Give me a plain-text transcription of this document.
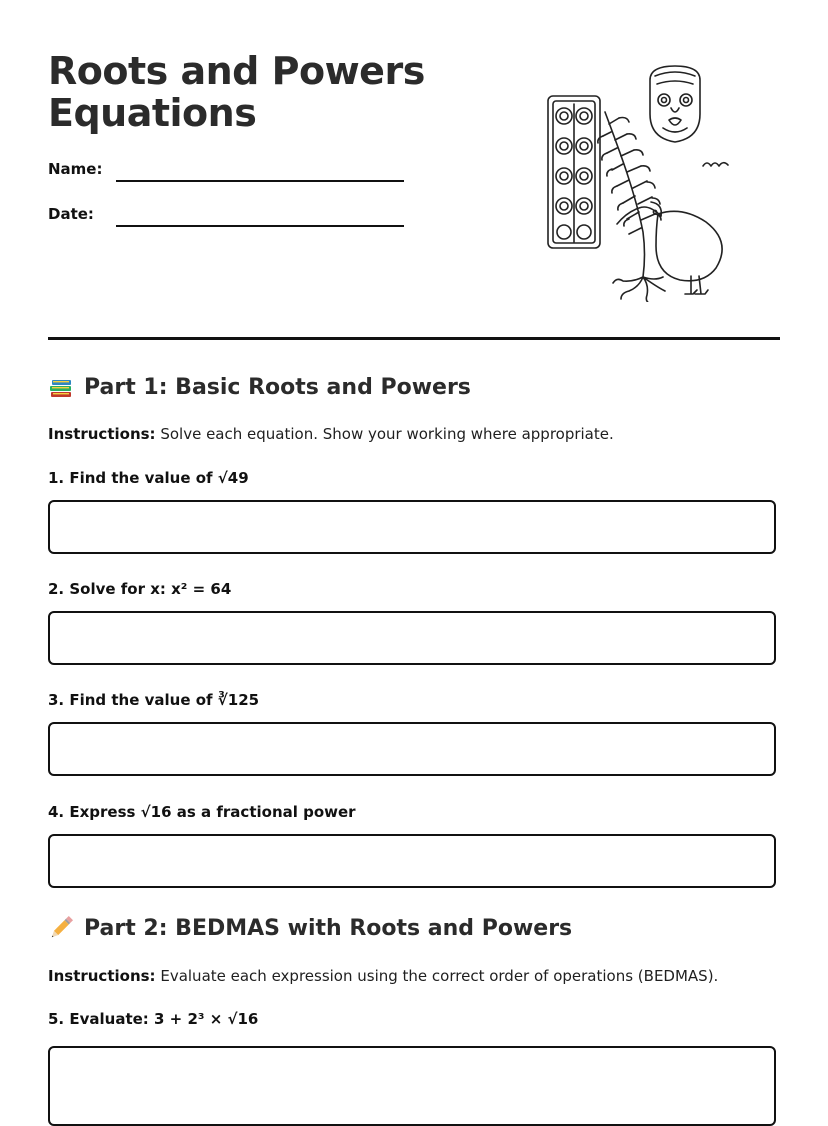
Roots and Powers
Equations
Name:
Date:
Part 1: Basic Roots and Powers
Instructions: Solve each equation. Show your working where appropriate.
1. Find the value of √49
2. Solve for x: x² = 64
3. Find the value of ∛125
4. Express √16 as a fractional power
Part 2: BEDMAS with Roots and Powers
Instructions: Evaluate each expression using the correct order of operations (BEDMAS).
5. Evaluate: 3 + 2³ × √16
